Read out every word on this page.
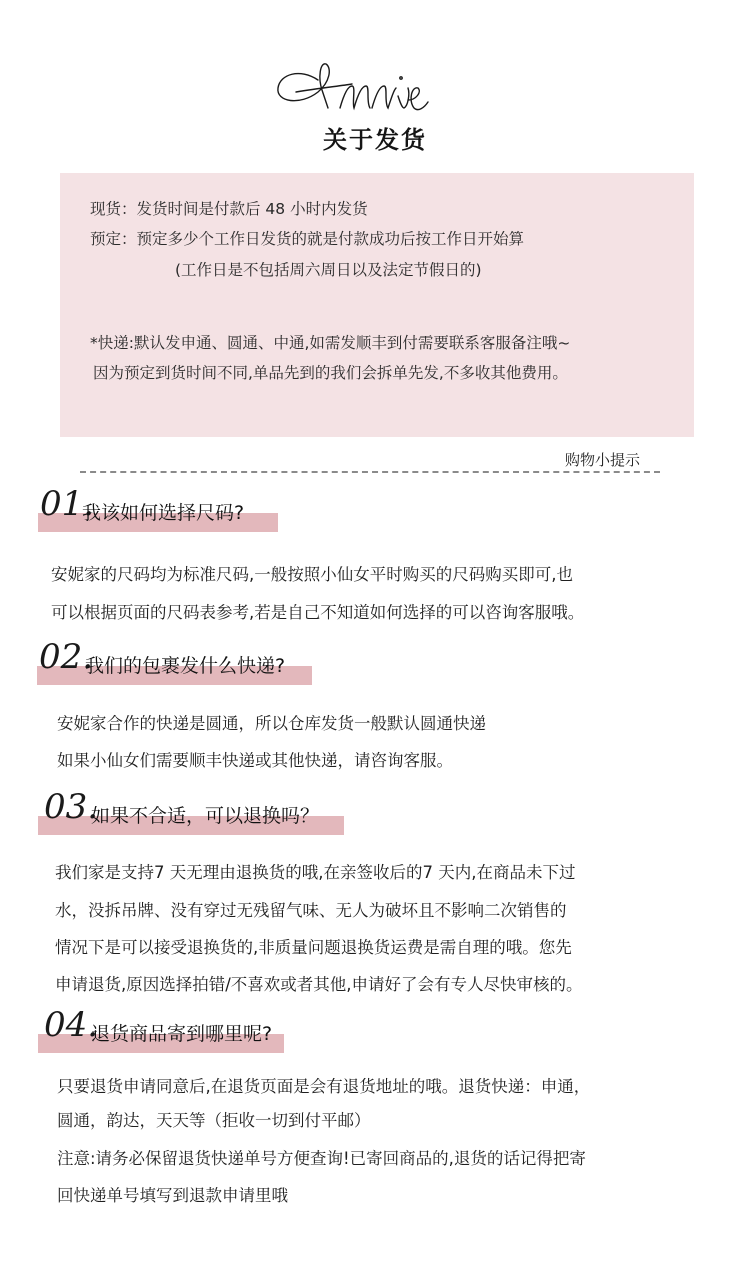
关于发货
现货：发货时间是付款后 48 小时内发货
预定：预定多少个工作日发货的就是付款成功后按工作日开始算
(工作日是不包括周六周日以及法定节假日的)
*快递:默认发申通、圆通、中通,如需发顺丰到付需要联系客服备注哦~
因为预定到货时间不同,单品先到的我们会拆单先发,不多收其他费用。
购物小提示
01.
我该如何选择尺码?
安妮家的尺码均为标准尺码,一般按照小仙女平时购买的尺码购买即可,也
可以根据页面的尺码表参考,若是自己不知道如何选择的可以咨询客服哦。
02.
我们的包裹发什么快递?
安妮家合作的快递是圆通，所以仓库发货一般默认圆通快递
如果小仙女们需要顺丰快递或其他快递，请咨询客服。
03.
如果不合适，可以退换吗？
我们家是支持7 天无理由退换货的哦,在亲签收后的7 天内,在商品未下过
水，没拆吊牌、没有穿过无残留气味、无人为破坏且不影响二次销售的
情况下是可以接受退换货的,非质量问题退换货运费是需自理的哦。您先
申请退货,原因选择拍错/不喜欢或者其他,申请好了会有专人尽快审核的。
04.
退货商品寄到哪里呢?
只要退货申请同意后,在退货页面是会有退货地址的哦。退货快递：申通，
圆通，韵达，天天等（拒收一切到付平邮）
注意:请务必保留退货快递单号方便查询!已寄回商品的,退货的话记得把寄
回快递单号填写到退款申请里哦
